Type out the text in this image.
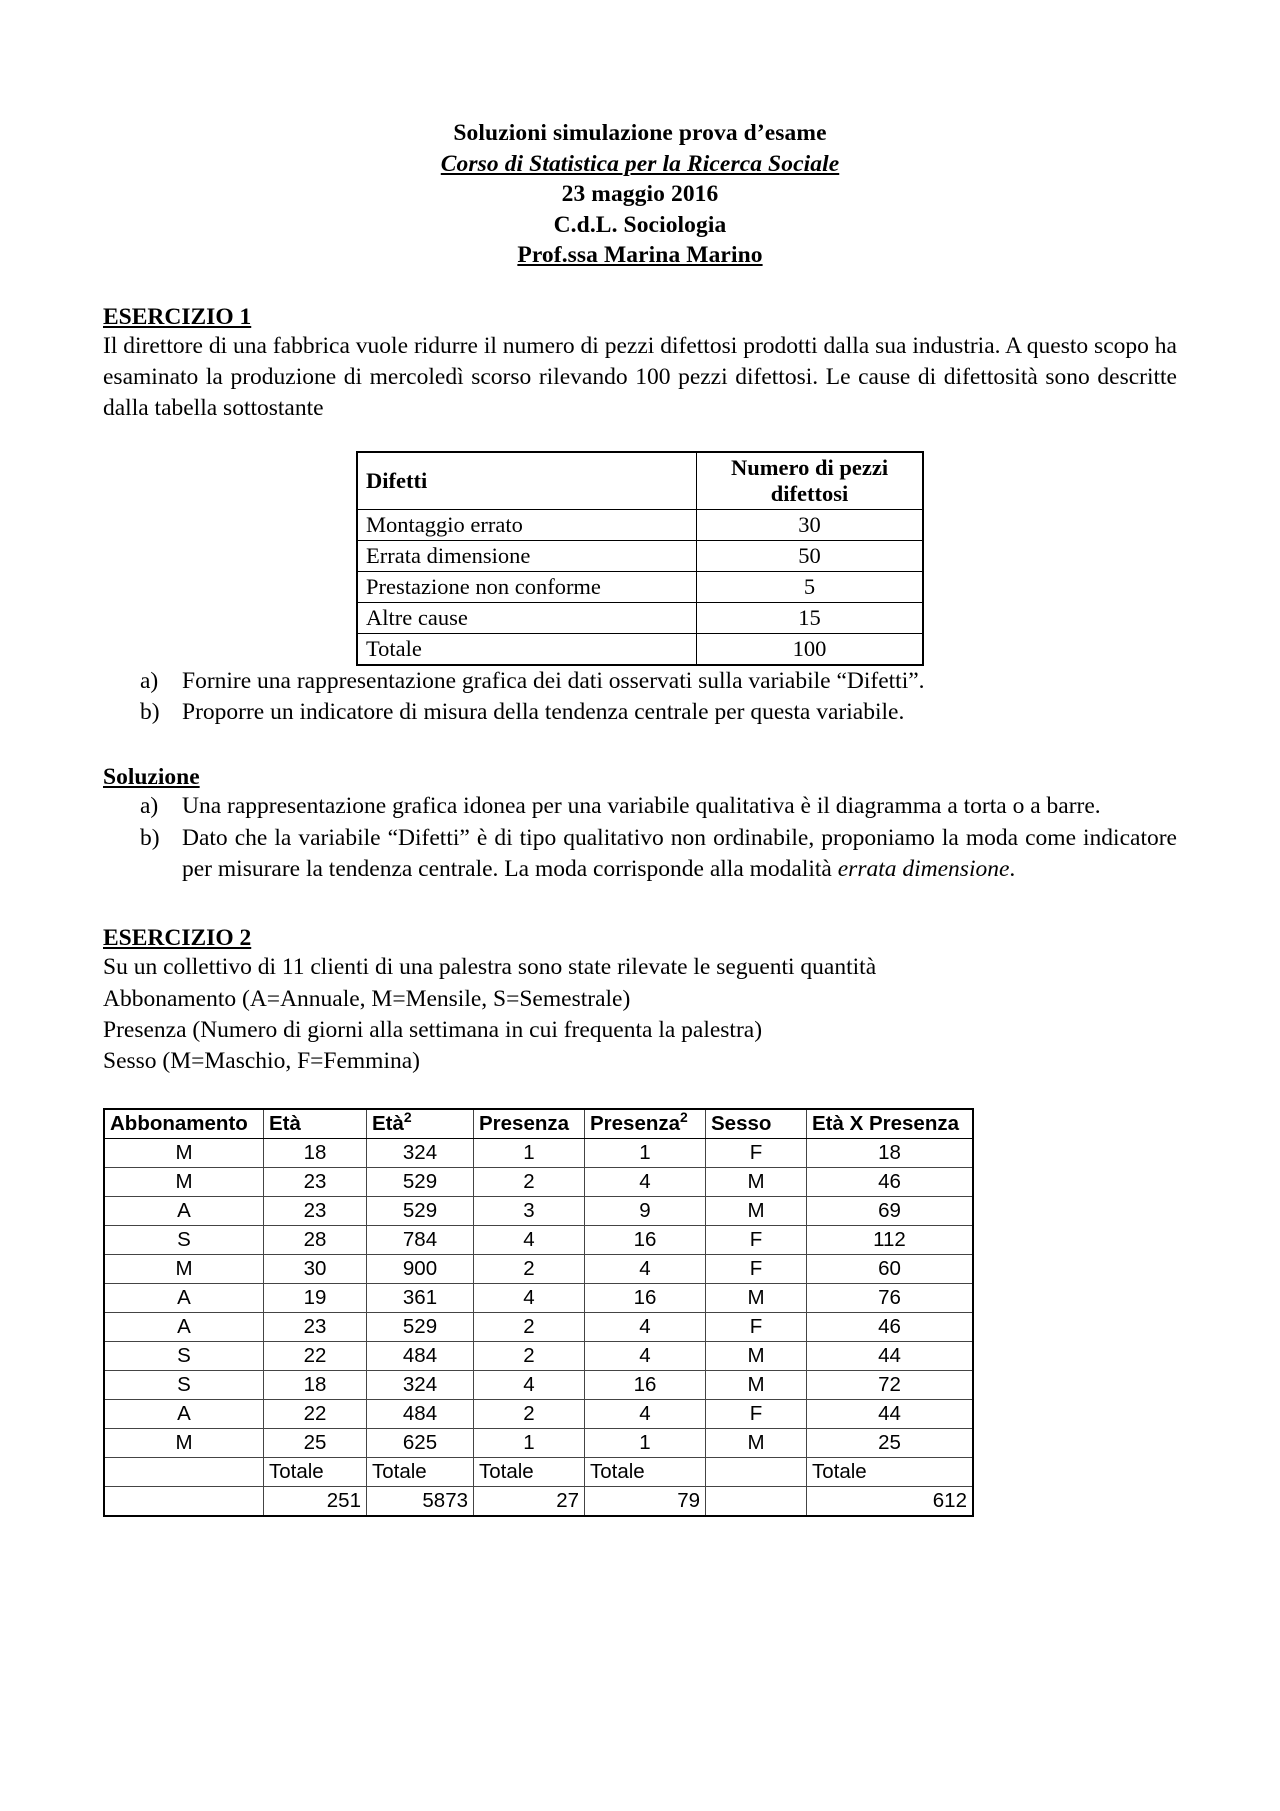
Soluzioni simulazione prova d’esame
Corso di Statistica per la Ricerca Sociale
23 maggio 2016
C.d.L. Sociologia
Prof.ssa Marina Marino
ESERCIZIO 1

Il direttore di una fabbrica vuole ridurre il numero di pezzi difettosi prodotti dalla sua industria. A questo scopo ha esaminato la produzione di mercoledì scorso rilevando 100 pezzi difettosi. Le cause di difettosità sono descritte dalla tabella sottostante

Difetti	Numero di pezzi difettosi
Montaggio errato	30
Errata dimensione	50
Prestazione non conforme	5
Altre cause	15
Totale	100
a)	Fornire una rappresentazione grafica dei dati osservati sulla variabile “Difetti”.
b) Proporre un indicatore di misura della tendenza centrale per questa variabile.
Soluzione
a)	Una rappresentazione grafica idonea per una variabile qualitativa è il diagramma a torta o a barre.
b) Dato che la variabile “Difetti” è di tipo qualitativo non ordinabile, proponiamo la moda come indicatore per misurare la tendenza centrale. La moda corrisponde alla modalità errata dimensione.
ESERCIZIO 2

Su un collettivo di 11 clienti di una palestra sono state rilevate le seguenti quantità

Abbonamento (A=Annuale, M=Mensile, S=Semestrale)

Presenza (Numero di giorni alla settimana in cui frequenta la palestra)

Sesso (M=Maschio, F=Femmina)

Abbonamento	Età	Età$^2$	Presenza	Presenza$^2$	Sesso	Età X Presenza
M	18	324	1	1	F	18
M	23	529	2	4	M	46
A	23	529	3	9	M	69
S	28	784	4	16	F	112
M	30	900	2	4	F	60
A	19	361	4	16	M	76
A	23	529	2	4	F	46
S	22	484	2	4	M	44
S	18	324	4	16	M	72
A	22	484	2	4	F	44
M	25	625	1	1	M	25
	Totale	Totale	Totale	Totale		Totale
	251	5873	27	79		612
